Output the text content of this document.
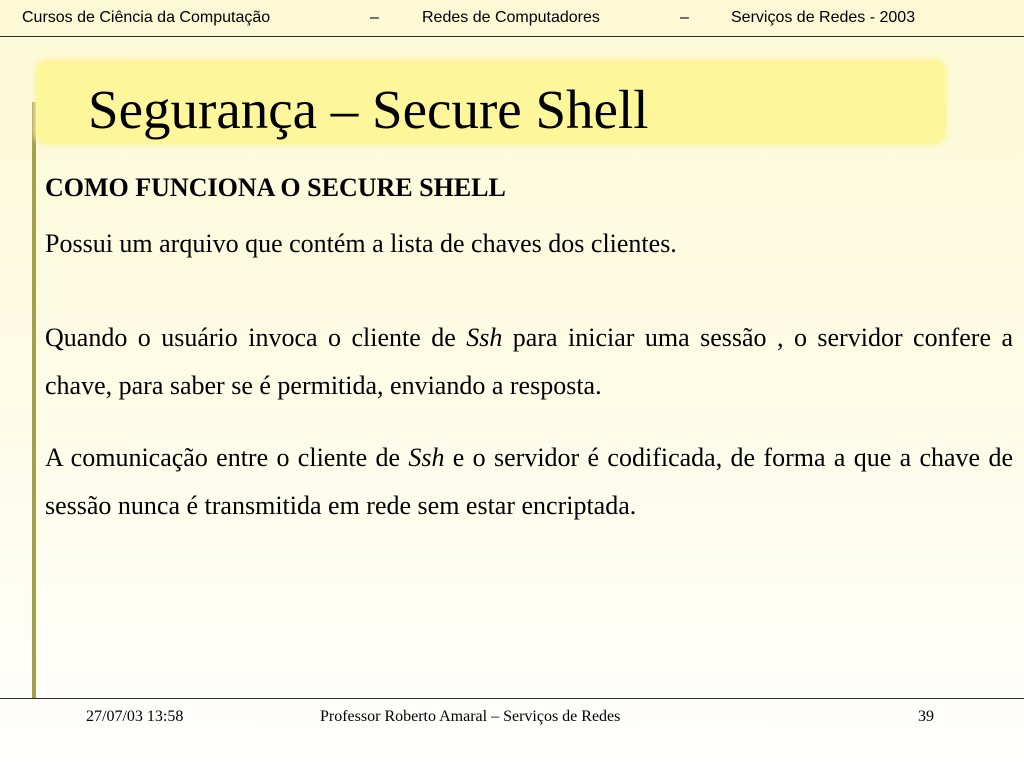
Cursos de Ciência da Computação	–	Redes de Computadores	–	Serviços de Redes - 2003
Segurança – Secure Shell
COMO FUNCIONA O SECURE SHELL

Possui um arquivo que contém a lista de chaves dos clientes.

Quando o usuário invoca o cliente de Ssh para iniciar uma sessão , o servidor confere a chave, para saber se é permitida, enviando a resposta.

A comunicação entre o cliente de Ssh e o servidor é codificada, de forma a que a chave de sessão nunca é transmitida em rede sem estar encriptada.

27/07/03 13:58	Professor Roberto Amaral – Serviços de Redes	39
